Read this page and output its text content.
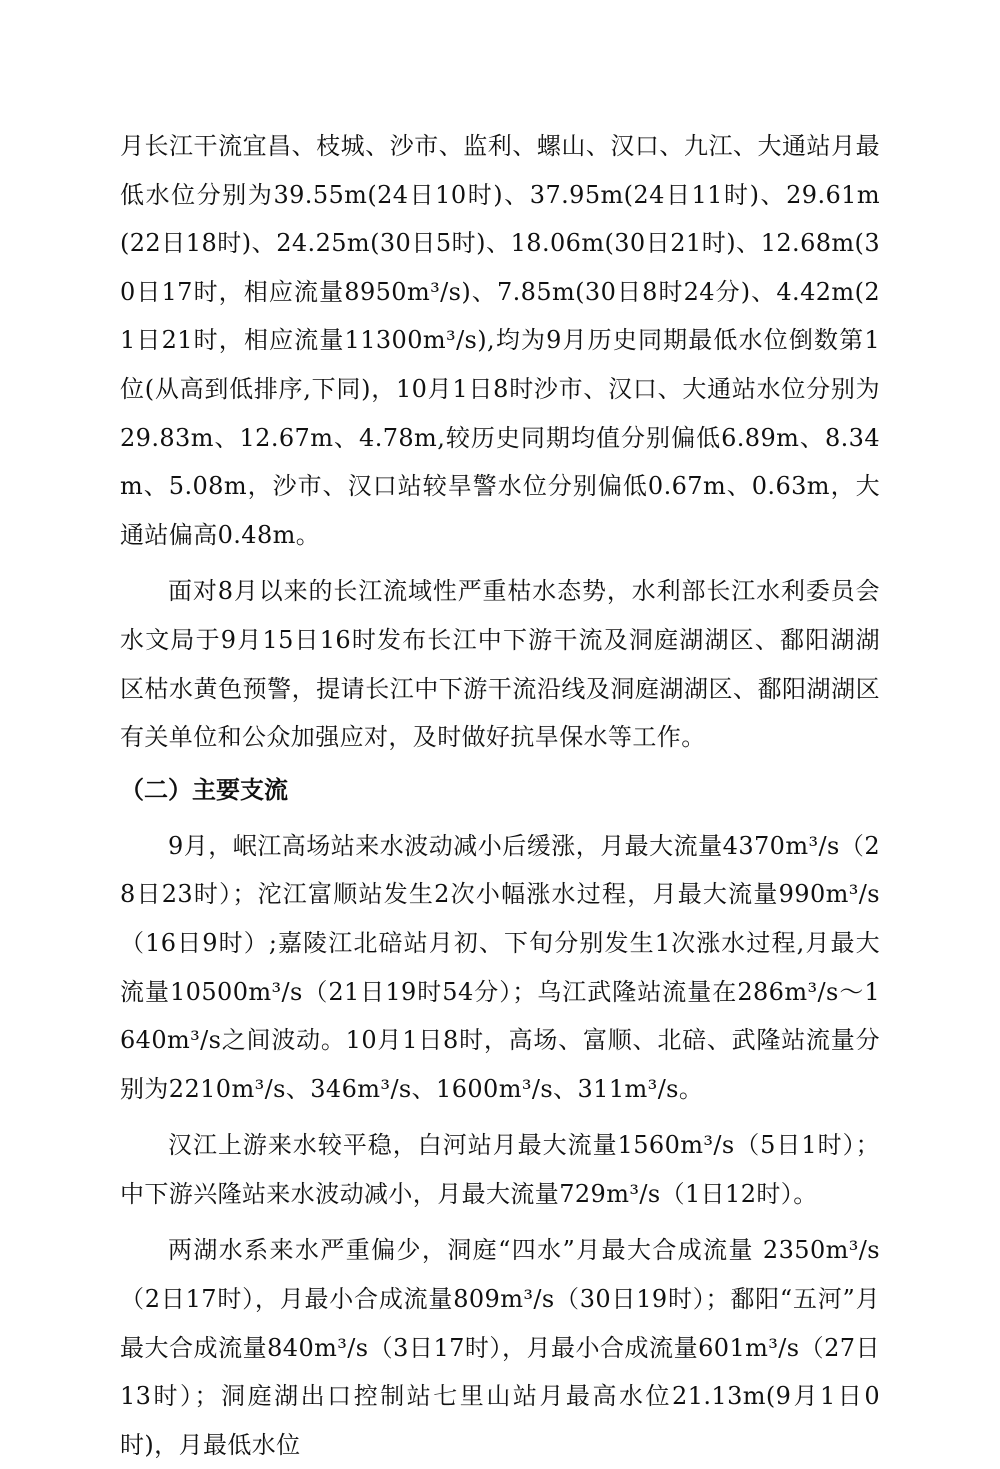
月长江干流宜昌、枝城、沙市、监利、螺山、汉口、九江、大通站月最低水位分别为39.55m(24日10时)、37.95m(24日11时)、29.61m(22日18时)、24.25m(30日5时)、18.06m(30日21时)、12.68m(30日17时，相应流量8950m³/s)、7.85m(30日8时24分)、4.42m(21日21时，相应流量11300m³/s),均为9月历史同期最低水位倒数第1位(从高到低排序,下同)，10月1日8时沙市、汉口、大通站水位分别为29.83m、12.67m、4.78m,较历史同期均值分别偏低6.89m、8.34m、5.08m，沙市、汉口站较旱警水位分别偏低0.67m、0.63m，大通站偏高0.48m。

面对8月以来的长江流域性严重枯水态势，水利部长江水利委员会水文局于9月15日16时发布长江中下游干流及洞庭湖湖区、鄱阳湖湖区枯水黄色预警，提请长江中下游干流沿线及洞庭湖湖区、鄱阳湖湖区有关单位和公众加强应对，及时做好抗旱保水等工作。

（二）主要支流

9月，岷江高场站来水波动减小后缓涨，月最大流量4370m³/s（28日23时）；沱江富顺站发生2次小幅涨水过程，月最大流量990m³/s（16日9时）;嘉陵江北碚站月初、下旬分别发生1次涨水过程,月最大流量10500m³/s（21日19时54分）；乌江武隆站流量在286m³/s～1640m³/s之间波动。10月1日8时，高场、富顺、北碚、武隆站流量分别为2210m³/s、346m³/s、1600m³/s、311m³/s。

汉江上游来水较平稳，白河站月最大流量1560m³/s（5日1时）；中下游兴隆站来水波动减小，月最大流量729m³/s（1日12时）。

两湖水系来水严重偏少，洞庭“四水”月最大合成流量 2350m³/s（2日17时），月最小合成流量809m³/s（30日19时）；鄱阳“五河”月最大合成流量840m³/s（3日17时），月最小合成流量601m³/s（27日13时）；洞庭湖出口控制站七里山站月最高水位21.13m(9月1日0时)，月最低水位
